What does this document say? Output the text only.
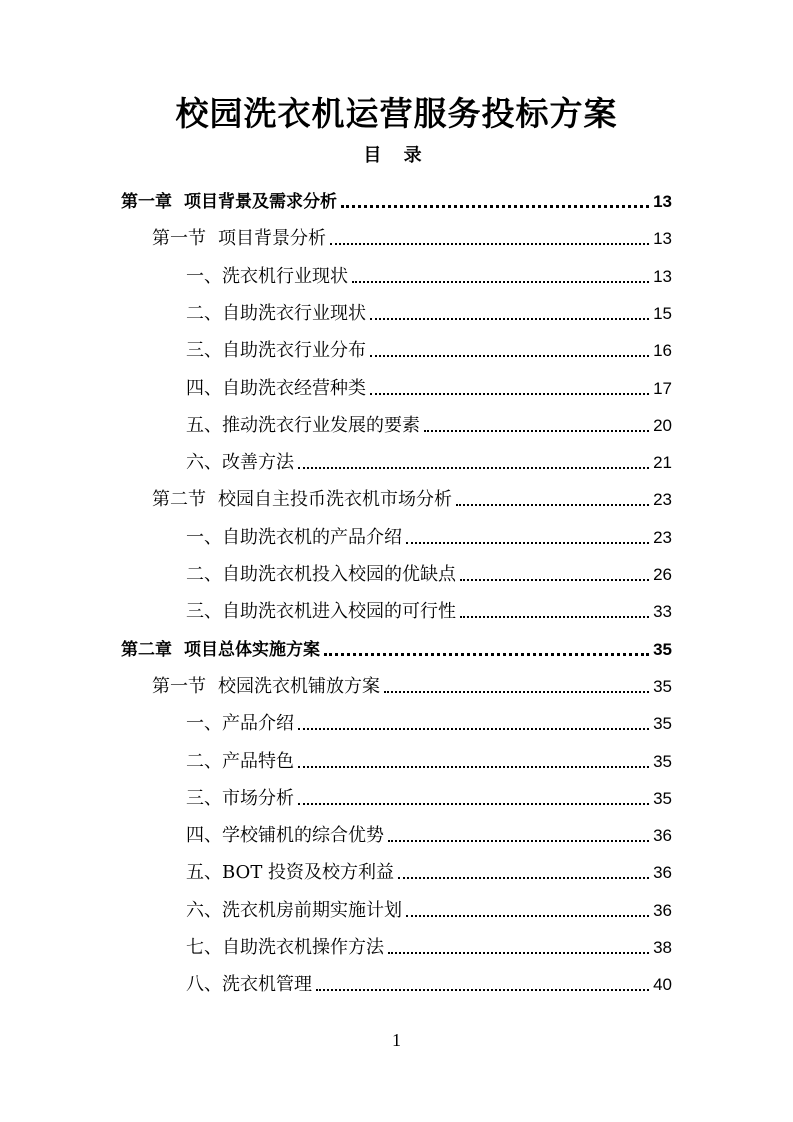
校园洗衣机运营服务投标方案
目 录
第一章 项目背景及需求分析	13
第一节 项目背景分析	13
一、洗衣机行业现状	13
二、自助洗衣行业现状	15
三、自助洗衣行业分布	16
四、自助洗衣经营种类	17
五、推动洗衣行业发展的要素	20
六、改善方法	21
第二节 校园自主投币洗衣机市场分析	23
一、自助洗衣机的产品介绍	23
二、自助洗衣机投入校园的优缺点	26
三、自助洗衣机进入校园的可行性	33
第二章 项目总体实施方案	35
第一节 校园洗衣机铺放方案	35
一、产品介绍	35
二、产品特色	35
三、市场分析	35
四、学校铺机的综合优势	36
五、BOT 投资及校方利益	36
六、洗衣机房前期实施计划	36
七、自助洗衣机操作方法	38
八、洗衣机管理	40
1
